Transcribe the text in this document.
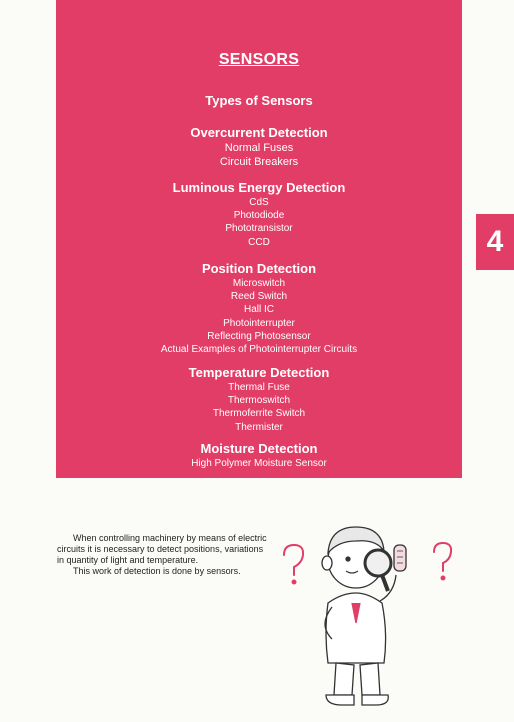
SENSORS
Types of Sensors
Overcurrent Detection
Normal Fuses
Circuit Breakers
Luminous Energy Detection
CdS
Photodiode
Phototransistor
CCD
Position Detection
Microswitch
Reed Switch
Hall IC
Photointerrupter
Reflecting Photosensor
Actual Examples of Photointerrupter Circuits
Temperature Detection
Thermal Fuse
Thermoswitch
Thermoferrite Switch
Thermister
Moisture Detection
High Polymer Moisture Sensor
4

When controlling machinery by means of electric circuits it is necessary to detect positions, variations in quantity of light and temperature.

This work of detection is done by sensors.
